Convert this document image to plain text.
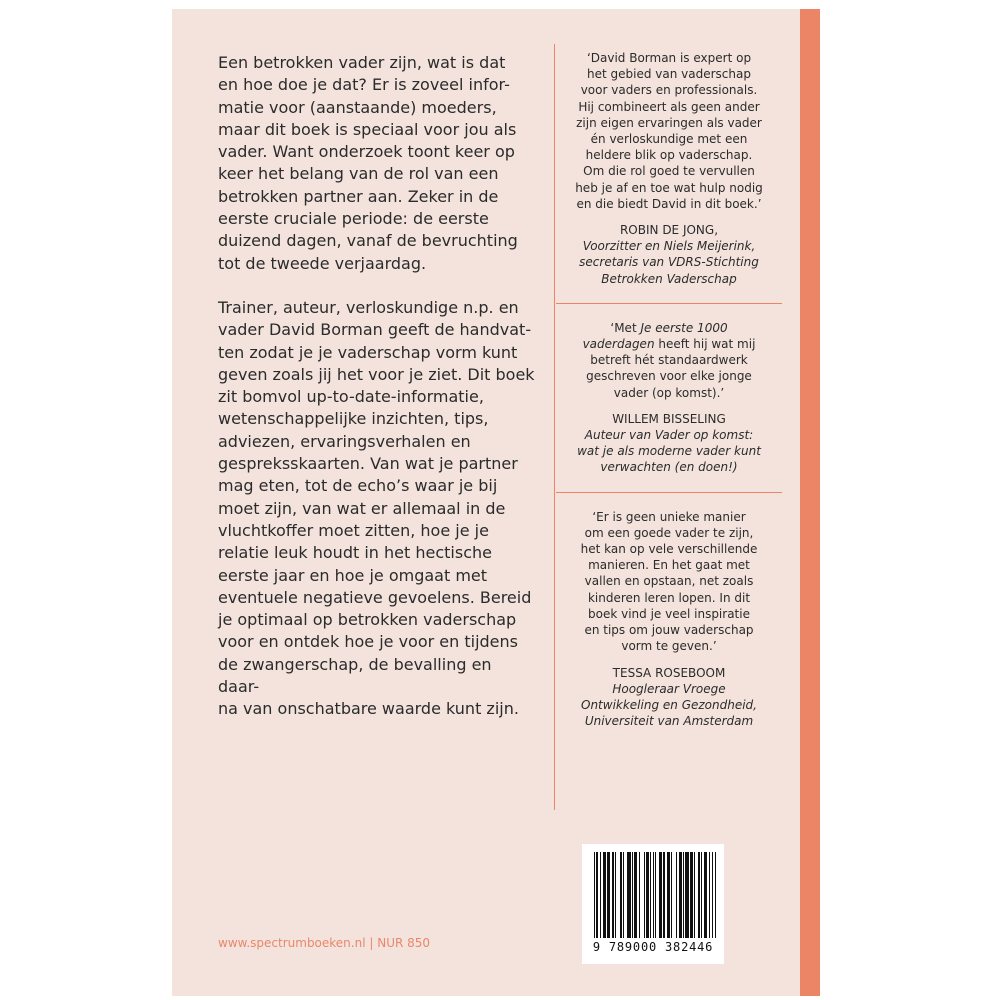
Een betrokken vader zijn, wat is dat
en hoe doe je dat? Er is zoveel infor-
matie voor (aanstaande) moeders,
maar dit boek is speciaal voor jou als
vader. Want onderzoek toont keer op
keer het belang van de rol van een
betrokken partner aan. Zeker in de
eerste cruciale periode: de eerste
duizend dagen, vanaf de bevruchting
tot de tweede verjaardag.

Trainer, auteur, verloskundige n.p. en
vader David Borman geeft de handvat-
ten zodat je je vaderschap vorm kunt
geven zoals jij het voor je ziet. Dit boek
zit bomvol up-to-date-informatie,
wetenschappelijke inzichten, tips,
adviezen, ervaringsverhalen en
gespreksskaarten. Van wat je partner
mag eten, tot de echo’s waar je bij
moet zijn, van wat er allemaal in de
vluchtkoffer moet zitten, hoe je je
relatie leuk houdt in het hectische
eerste jaar en hoe je omgaat met
eventuele negatieve gevoelens. Bereid
je optimaal op betrokken vaderschap
voor en ontdek hoe je voor en tijdens
de zwangerschap, de bevalling en daar-
na van onschatbare waarde kunt zijn.

‘David Borman is expert op
het gebied van vaderschap
voor vaders en professionals.
Hij combineert als geen ander
zijn eigen ervaringen als vader
én verloskundige met een
heldere blik op vaderschap.
Om die rol goed te vervullen
heb je af en toe wat hulp nodig
en die biedt David in dit boek.’
ROBIN DE JONG,
Voorzitter en Niels Meijerink,
secretaris van VDRS-Stichting
Betrokken Vaderschap
‘Met Je eerste 1000
vaderdagen heeft hij wat mij
betreft hét standaardwerk
geschreven voor elke jonge
vader (op komst).’
WILLEM BISSELING
Auteur van Vader op komst:
wat je als moderne vader kunt
verwachten (en doen!)
‘Er is geen unieke manier
om een goede vader te zijn,
het kan op vele verschillende
manieren. En het gaat met
vallen en opstaan, net zoals
kinderen leren lopen. In dit
boek vind je veel inspiratie
en tips om jouw vaderschap
vorm te geven.’
TESSA ROSEBOOM
Hoogleraar Vroege
Ontwikkeling en Gezondheid,
Universiteit van Amsterdam
www.spectrumboeken.nl | NUR 850	9 789000 382446
